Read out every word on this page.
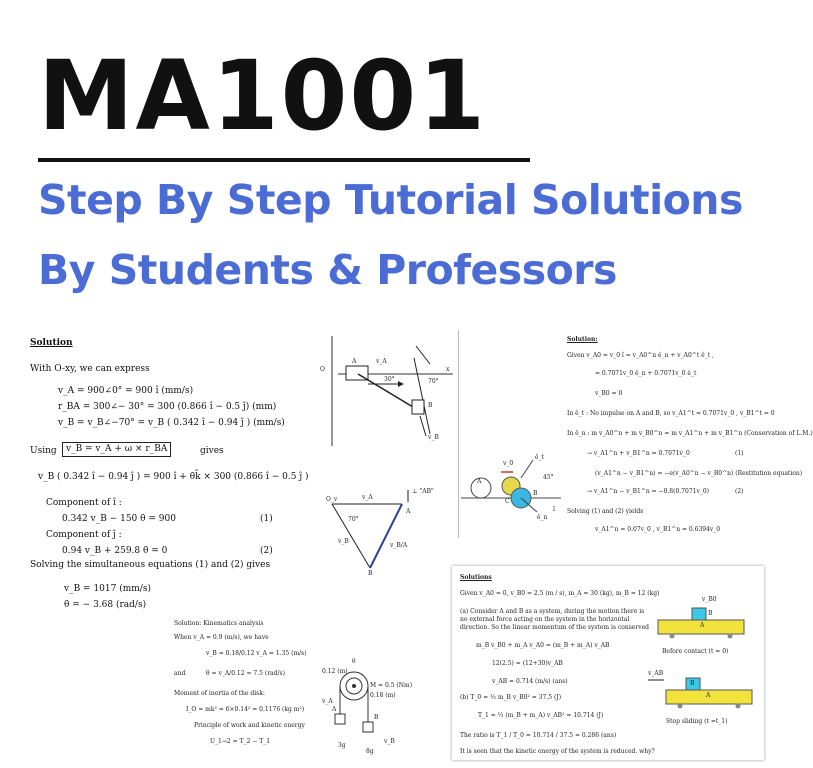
MA1001
Step By Step Tutorial Solutions
By Students & Professors
Solution
With O-xy, we can express
v_A = 900∠0° = 900 î (mm/s)
r_BA = 300∠− 30° = 300 (0.866 î − 0.5 ĵ) (mm)
v_B = v_B∠−70° = v_B ( 0.342 î − 0.94 ĵ ) (mm/s)
Using	v_B = v_A + ω × r_BA	gives
v_B ( 0.342 î − 0.94 ĵ ) = 900 î + θ̇k̂ × 300 (0.866 î − 0.5 ĵ )
Component of î :
0.342 v_B − 150 θ̇ = 900	(1)
Component of ĵ :
0.94 v_B + 259.8 θ̇ = 0	(2)
Solving the simultaneous equations (1) and (2) gives
v_B = 1017 (mm/s)
θ̇ = − 3.68 (rad/s)
O
A	v_A
30°	70°
x
B
v_B
O_v	v_A
A
70°
v_B
v_B/A
B
⊥ "AB"
Solution:
Given v_A0 = v_0 î = v_A0^n ê_n + v_A0^t ê_t ,
= 0.7071v_0 ê_n + 0.7071v_0 ê_t
v_B0 = 0
In ê_t : No impulse on A and B, so v_A1^t = 0.7071v_0 , v_B1^t = 0
In ê_n : m v_A0^n + m v_B0^n = m v_A1^n + m v_B1^n (Conservation of L.M.)
→ v_A1^n + v_B1^n = 0.7071v_0	(1)
(v_A1^n − v_B1^n) = −e(v_A0^n − v_B0^n) (Restitution equation)
→ v_A1^n − v_B1^n = −0.8(0.7071v_0)	(2)
Solving (1) and (2) yields
v_A1^n = 0.07v_0 , v_B1^n = 0.6394v_0
A
v_0
B
C
ê_t
ê_n
45°
î
Solutions
Given v_A0 = 0, v_B0 = 2.5 (m / s), m_A = 30 (kg), m_B = 12 (kg)
(a) Consider A and B as a system, during the motion there is
no external force acting on the system in the horizontal
direction. So the linear momentum of the system is conserved
m_B v_B0 + m_A v_A0 = (m_B + m_A) v_AB
12(2.5) = (12+30)v_AB
v_AB = 0.714 (m/s) (ans)
(b) T_0 = ½ m_B v_B0² = 37.5 (J)
T_1 = ½ (m_B + m_A) v_AB² = 10.714 (J)
The ratio is T_1 / T_0 = 10.714 / 37.5 = 0.286 (ans)
It is seen that the kinetic energy of the system is reduced. why?
v_B0
B
A
Before contact (t = 0)
v_AB
B
A
Stop sliding (t =t_1)
Solution: Kinematics analysis
When v_A = 0.9 (m/s), we have
v_B = 0.18/0.12 v_A = 1.35 (m/s)
and	θ̇ = v_A/0.12 = 7.5 (rad/s)
Moment of inertia of the disk:
I_O = mk² = 6×0.14² = 0.1176 (kg m²)
Principle of work and kinetic energy
U_1→2 = T_2 − T_1
θ
M = 0.5 (Nm)
0.12 (m)
0.18 (m)
A
B
3g
8g
v_A
v_B
